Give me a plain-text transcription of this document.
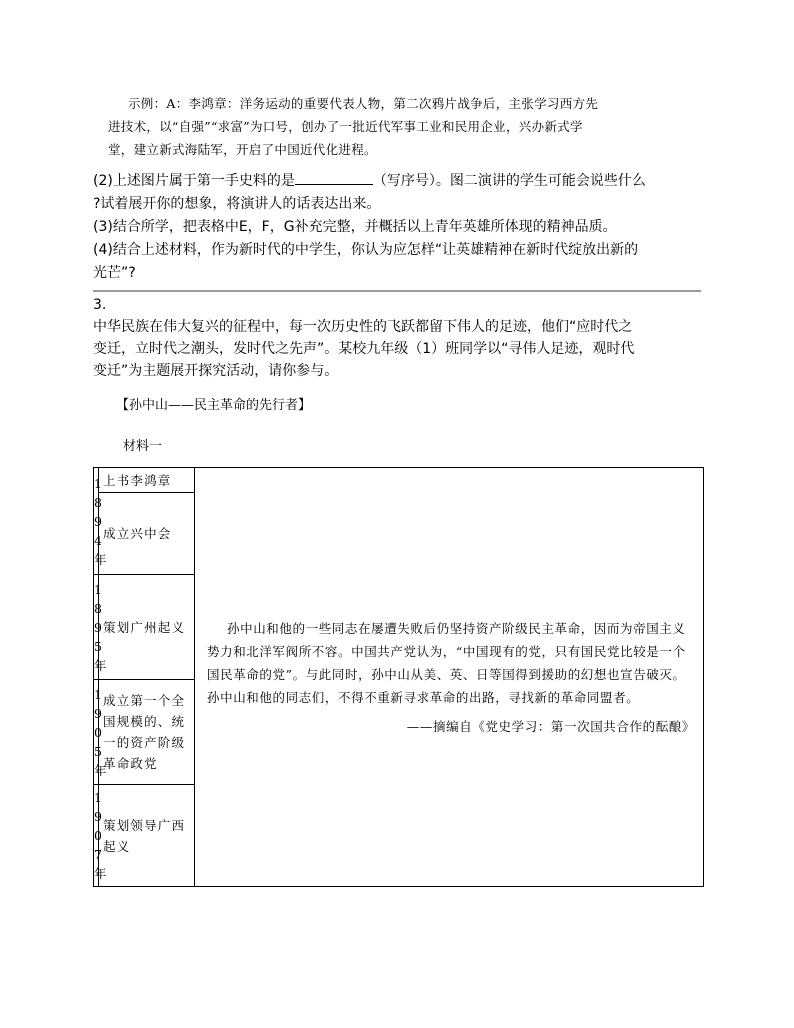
示例：A：李鸿章：洋务运动的重要代表人物，第二次鸦片战争后，主张学习西方先

进技术，以“自强”“求富”为口号，创办了一批近代军事工业和民用企业，兴办新式学

堂，建立新式海陆军，开启了中国近代化进程。

(2)上述图片属于第一手史料的是	（写序号）。图二演讲的学生可能会说些什么

?试着展开你的想象，将演讲人的话表达出来。

(3)结合所学，把表格中E，F，G补充完整，并概括以上青年英雄所体现的精神品质。

(4)结合上述材料，作为新时代的中学生，你认为应怎样“让英雄精神在新时代绽放出新的

光芒”?

3.

中华民族在伟大复兴的征程中，每一次历史性的飞跃都留下伟人的足迹，他们“应时代之

变迁，立时代之潮头，发时代之先声”。某校九年级（1）班同学以“寻伟人足迹，观时代

变迁”为主题展开探究活动，请你参与。

【孙中山——民主革命的先行者】
材料一
1894年	上书李鸿章	孙中山和他的一些同志在屡遭失败后仍坚持资产阶级民主革命，因而为帝国主义势力和北洋军阀所不容。中国共产党认为，“中国现有的党，只有国民党比较是一个国民革命的党”。与此同时，孙中山从美、英、日等国得到援助的幻想也宣告破灭。孙中山和他的同志们，不得不重新寻求革命的出路，寻找新的革命同盟者。

——摘编自《党史学习：第一次国共合作的酝酿》

	成立兴中会	
1895年	策划广州起义	
1905年	成立第一个全国规模的、统一的资产阶级革命政党	
1907年	策划领导广西起义	
